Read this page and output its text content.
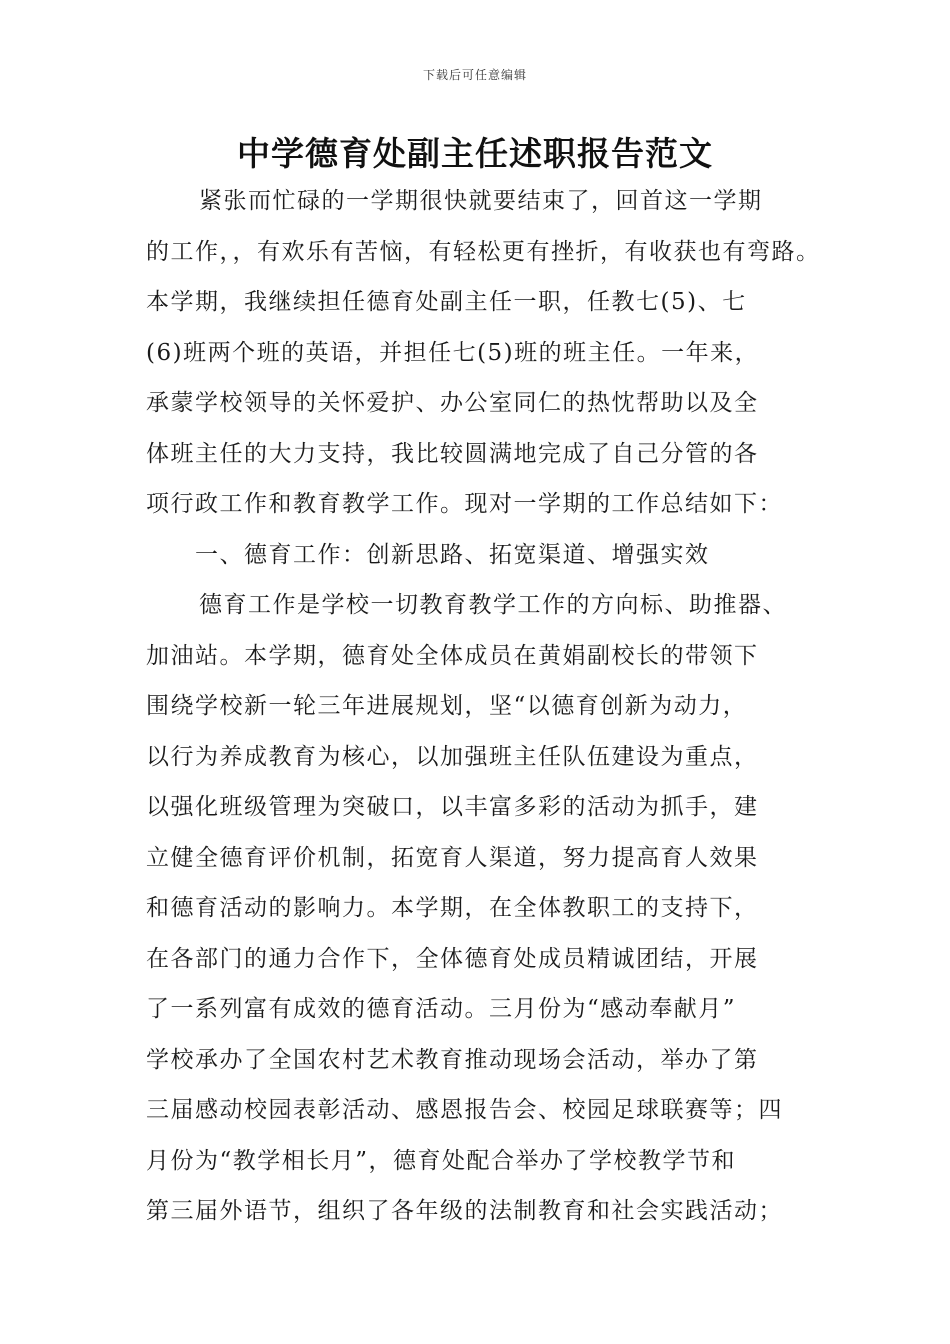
下载后可任意编辑
中学德育处副主任述职报告范文
紧张而忙碌的一学期很快就要结束了，回首这一学期
的工作，，有欢乐有苦恼，有轻松更有挫折，有收获也有弯路。
本学期，我继续担任德育处副主任一职，任教七(5)、七
(6)班两个班的英语，并担任七(5)班的班主任。一年来，
承蒙学校领导的关怀爱护、办公室同仁的热忱帮助以及全
体班主任的大力支持，我比较圆满地完成了自己分管的各
项行政工作和教育教学工作。现对一学期的工作总结如下：
一、德育工作：创新思路、拓宽渠道、增强实效
德育工作是学校一切教育教学工作的方向标、助推器、
加油站。本学期，德育处全体成员在黄娟副校长的带领下
围绕学校新一轮三年进展规划，坚“以德育创新为动力，
以行为养成教育为核心，以加强班主任队伍建设为重点，
以强化班级管理为突破口，以丰富多彩的活动为抓手，建
立健全德育评价机制，拓宽育人渠道，努力提高育人效果
和德育活动的影响力。本学期，在全体教职工的支持下，
在各部门的通力合作下，全体德育处成员精诚团结，开展
了一系列富有成效的德育活动。三月份为“感动奉献月”
学校承办了全国农村艺术教育推动现场会活动，举办了第
三届感动校园表彰活动、感恩报告会、校园足球联赛等；四
月份为“教学相长月”，德育处配合举办了学校教学节和
第三届外语节，组织了各年级的法制教育和社会实践活动；
